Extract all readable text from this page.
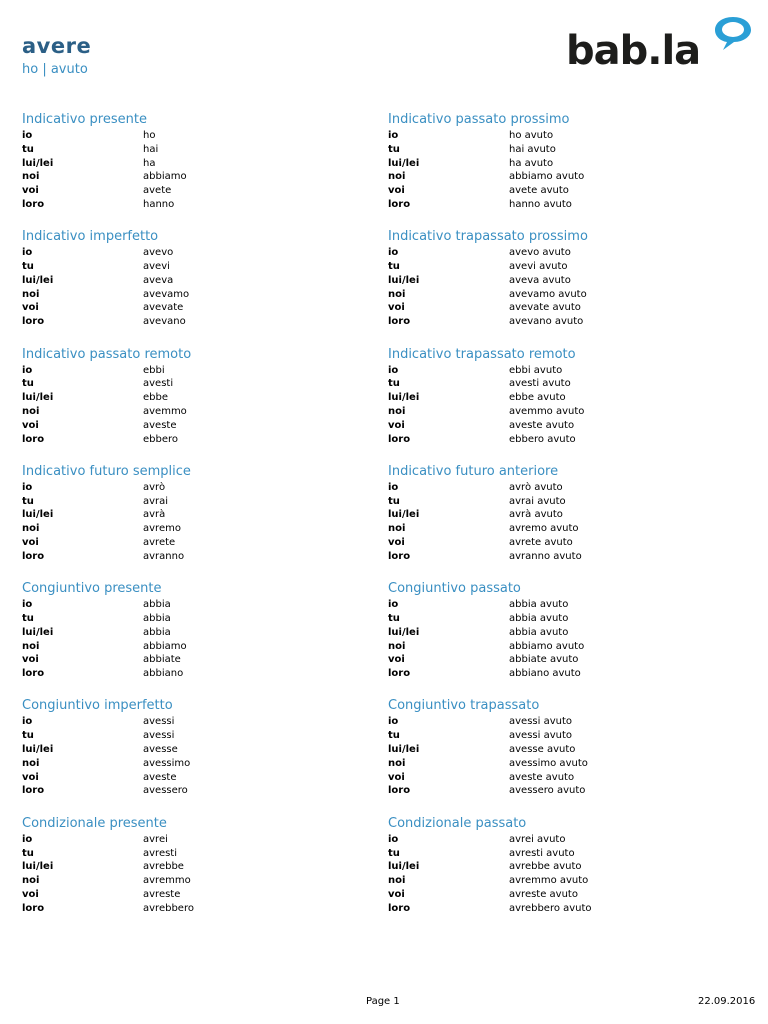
avere
ho | avuto	bab.la
Indicativo presente
io	ho
tu	hai
lui/lei	ha
noi	abbiamo
voi	avete
loro	hanno
Indicativo imperfetto
io	avevo
tu	avevi
lui/lei	aveva
noi	avevamo
voi	avevate
loro	avevano
Indicativo passato remoto
io	ebbi
tu	avesti
lui/lei	ebbe
noi	avemmo
voi	aveste
loro	ebbero
Indicativo futuro semplice
io	avrò
tu	avrai
lui/lei	avrà
noi	avremo
voi	avrete
loro	avranno
Congiuntivo presente
io	abbia
tu	abbia
lui/lei	abbia
noi	abbiamo
voi	abbiate
loro	abbiano
Congiuntivo imperfetto
io	avessi
tu	avessi
lui/lei	avesse
noi	avessimo
voi	aveste
loro	avessero
Condizionale presente
io	avrei
tu	avresti
lui/lei	avrebbe
noi	avremmo
voi	avreste
loro	avrebbero
Indicativo passato prossimo
io	ho avuto
tu	hai avuto
lui/lei	ha avuto
noi	abbiamo avuto
voi	avete avuto
loro	hanno avuto
Indicativo trapassato prossimo
io	avevo avuto
tu	avevi avuto
lui/lei	aveva avuto
noi	avevamo avuto
voi	avevate avuto
loro	avevano avuto
Indicativo trapassato remoto
io	ebbi avuto
tu	avesti avuto
lui/lei	ebbe avuto
noi	avemmo avuto
voi	aveste avuto
loro	ebbero avuto
Indicativo futuro anteriore
io	avrò avuto
tu	avrai avuto
lui/lei	avrà avuto
noi	avremo avuto
voi	avrete avuto
loro	avranno avuto
Congiuntivo passato
io	abbia avuto
tu	abbia avuto
lui/lei	abbia avuto
noi	abbiamo avuto
voi	abbiate avuto
loro	abbiano avuto
Congiuntivo trapassato
io	avessi avuto
tu	avessi avuto
lui/lei	avesse avuto
noi	avessimo avuto
voi	aveste avuto
loro	avessero avuto
Condizionale passato
io	avrei avuto
tu	avresti avuto
lui/lei	avrebbe avuto
noi	avremmo avuto
voi	avreste avuto
loro	avrebbero avuto
Page 1	22.09.2016
